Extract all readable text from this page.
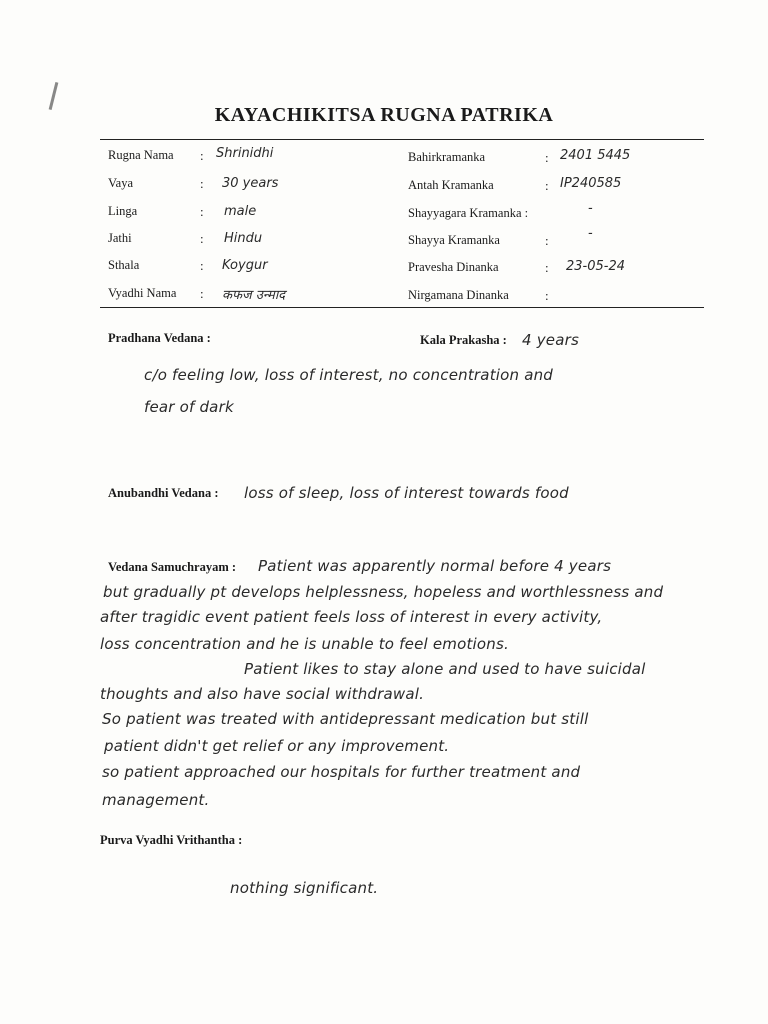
KAYACHIKITSA RUGNA PATRIKA
Rugna Nama : Shrinidhi
Vaya	: 30 years
Linga	: male
Jathi	: Hindu
Sthala	: Koygur
Vyadhi Nama : कफज उन्माद
Bahirkramanka	: 2401 5445
Antah Kramanka	: IP240585
Shayyagara Kramanka :	-
Shayya Kramanka	:	-
Pravesha Dinanka	: 23-05-24
Nirgamana Dinanka	:
Pradhana Vedana :	Kala Prakasha : 4 years
c/o feeling low, loss of interest, no concentration and
fear of dark
Anubandhi Vedana : loss of sleep, loss of interest towards food
Vedana Samuchrayam : Patient was apparently normal before 4 years
but gradually pt develops helplessness, hopeless and worthlessness and
after tragidic event patient feels loss of interest in every activity,
loss concentration and he is unable to feel emotions.
Patient likes to stay alone and used to have suicidal
thoughts and also have social withdrawal.
So patient was treated with antidepressant medication but still
patient didn't get relief or any improvement.
so patient approached our hospitals for further treatment and
management.
Purva Vyadhi Vrithantha :
nothing significant.
